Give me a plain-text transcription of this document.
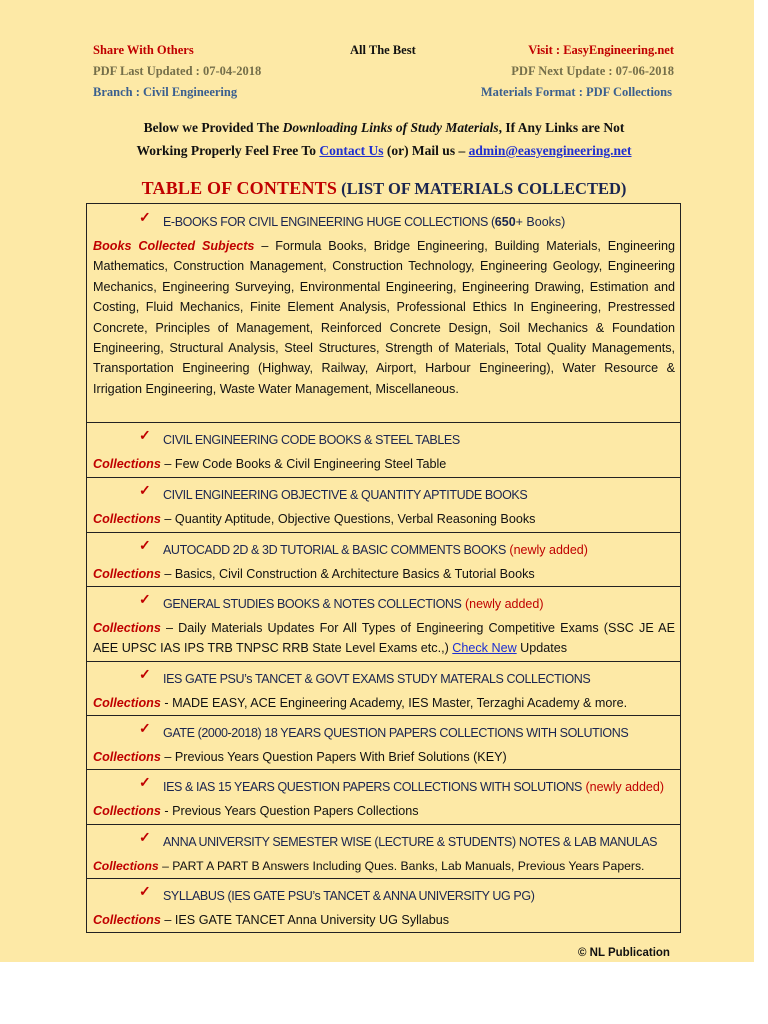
Share With Others	All The Best	Visit : EasyEngineering.net
PDF Last Updated : 07-04-2018	PDF Next Update : 07-06-2018
Branch : Civil Engineering	Materials Format : PDF Collections
Below we Provided The Downloading Links of Study Materials, If Any Links are Not
Working Properly Feel Free To Contact Us (or) Mail us – admin@easyengineering.net
TABLE OF CONTENTS (LIST OF MATERIALS COLLECTED)
✓ E-BOOKS FOR CIVIL ENGINEERING HUGE COLLECTIONS (650+ Books)
Books Collected Subjects – Formula Books, Bridge Engineering, Building Materials, Engineering Mathematics, Construction Management, Construction Technology, Engineering Geology, Engineering Mechanics, Engineering Surveying, Environmental Engineering, Engineering Drawing, Estimation and Costing, Fluid Mechanics, Finite Element Analysis, Professional Ethics In Engineering, Prestressed Concrete, Principles of Management, Reinforced Concrete Design, Soil Mechanics & Foundation Engineering, Structural Analysis, Steel Structures, Strength of Materials, Total Quality Managements, Transportation Engineering (Highway, Railway, Airport, Harbour Engineering), Water Resource & Irrigation Engineering, Waste Water Management, Miscellaneous.
✓ CIVIL ENGINEERING CODE BOOKS & STEEL TABLES
Collections – Few Code Books & Civil Engineering Steel Table
✓ CIVIL ENGINEERING OBJECTIVE & QUANTITY APTITUDE BOOKS
Collections – Quantity Aptitude, Objective Questions, Verbal Reasoning Books
✓ AUTOCADD 2D & 3D TUTORIAL & BASIC COMMENTS BOOKS (newly added)
Collections – Basics, Civil Construction & Architecture Basics & Tutorial Books
✓ GENERAL STUDIES BOOKS & NOTES COLLECTIONS (newly added)
Collections – Daily Materials Updates For All Types of Engineering Competitive Exams (SSC JE AE AEE UPSC IAS IPS TRB TNPSC RRB State Level Exams etc.,) Check New Updates
✓ IES GATE PSU’s TANCET & GOVT EXAMS STUDY MATERALS COLLECTIONS
Collections - MADE EASY, ACE Engineering Academy, IES Master, Terzaghi Academy & more.
✓ GATE (2000-2018) 18 YEARS QUESTION PAPERS COLLECTIONS WITH SOLUTIONS
Collections – Previous Years Question Papers With Brief Solutions (KEY)
✓ IES & IAS 15 YEARS QUESTION PAPERS COLLECTIONS WITH SOLUTIONS (newly added)
Collections - Previous Years Question Papers Collections
✓ ANNA UNIVERSITY SEMESTER WISE (LECTURE & STUDENTS) NOTES & LAB MANULAS
Collections – PART A PART B Answers Including Ques. Banks, Lab Manuals, Previous Years Papers.
✓ SYLLABUS (IES GATE PSU’s TANCET & ANNA UNIVERSITY UG PG)
Collections – IES GATE TANCET Anna University UG Syllabus
© NL Publication
